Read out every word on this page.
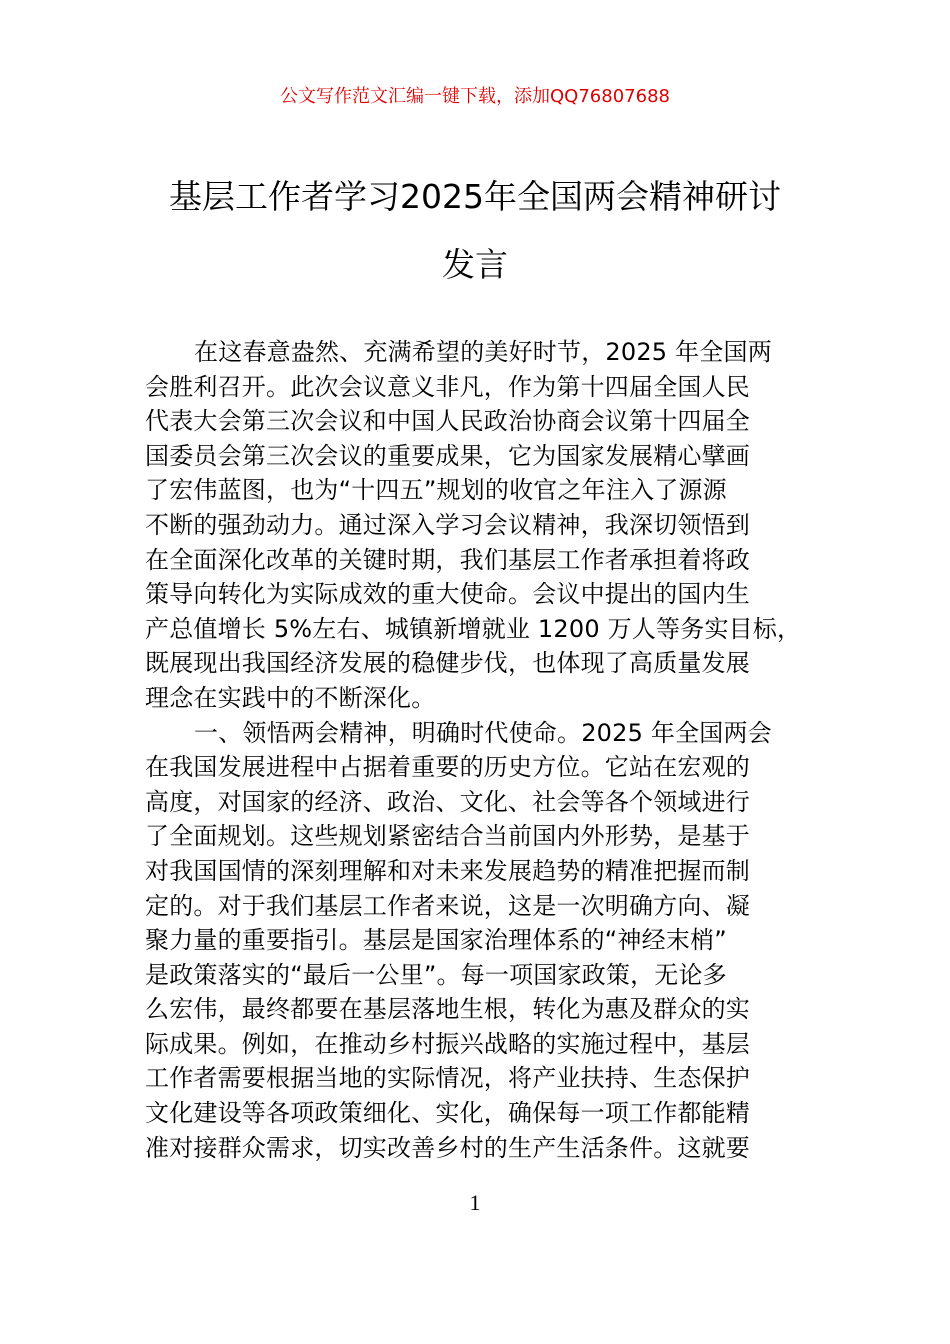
公文写作范文汇编一键下载，添加QQ76807688
基层工作者学习2025年全国两会精神研讨
发言
在这春意盎然、充满希望的美好时节，2025 年全国两
会胜利召开。此次会议意义非凡，作为第十四届全国人民
代表大会第三次会议和中国人民政治协商会议第十四届全
国委员会第三次会议的重要成果，它为国家发展精心擘画
了宏伟蓝图，也为“十四五”规划的收官之年注入了源源
不断的强劲动力。通过深入学习会议精神，我深切领悟到
在全面深化改革的关键时期，我们基层工作者承担着将政
策导向转化为实际成效的重大使命。会议中提出的国内生
产总值增长 5%左右、城镇新增就业 1200 万人等务实目标，
既展现出我国经济发展的稳健步伐，也体现了高质量发展
理念在实践中的不断深化。
一、领悟两会精神，明确时代使命。2025 年全国两会
在我国发展进程中占据着重要的历史方位。它站在宏观的
高度，对国家的经济、政治、文化、社会等各个领域进行
了全面规划。这些规划紧密结合当前国内外形势，是基于
对我国国情的深刻理解和对未来发展趋势的精准把握而制
定的。对于我们基层工作者来说，这是一次明确方向、凝
聚力量的重要指引。基层是国家治理体系的“神经末梢”
是政策落实的“最后一公里”。每一项国家政策，无论多
么宏伟，最终都要在基层落地生根，转化为惠及群众的实
际成果。例如，在推动乡村振兴战略的实施过程中，基层
工作者需要根据当地的实际情况，将产业扶持、生态保护
文化建设等各项政策细化、实化，确保每一项工作都能精
准对接群众需求，切实改善乡村的生产生活条件。这就要
1
